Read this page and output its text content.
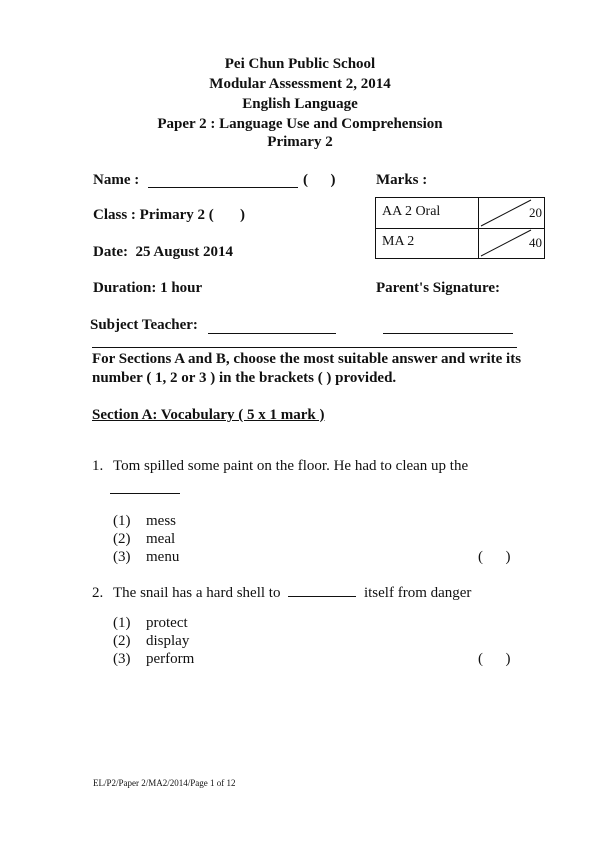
Pei Chun Public School
Modular Assessment 2, 2014
English Language
Paper 2 : Language Use and Comprehension
Primary 2
Name :	(      )	Marks :
Class : Primary 2 (       )
Date:  25 August 2014
AA 2 Oral	20
MA 2	40
Duration: 1 hour	Parent's Signature:
Subject Teacher:
For Sections A and B, choose the most suitable answer and write its number ( 1, 2 or 3 ) in the brackets ( ) provided.
Section A: Vocabulary ( 5 x 1 mark )
1. Tom spilled some paint on the floor. He had to clean up the
(1) mess
(2) meal
(3) menu	(      )
2. The snail has a hard shell to	itself from danger
(1) protect
(2) display
(3) perform	(      )
EL/P2/Paper 2/MA2/2014/Page 1 of 12
